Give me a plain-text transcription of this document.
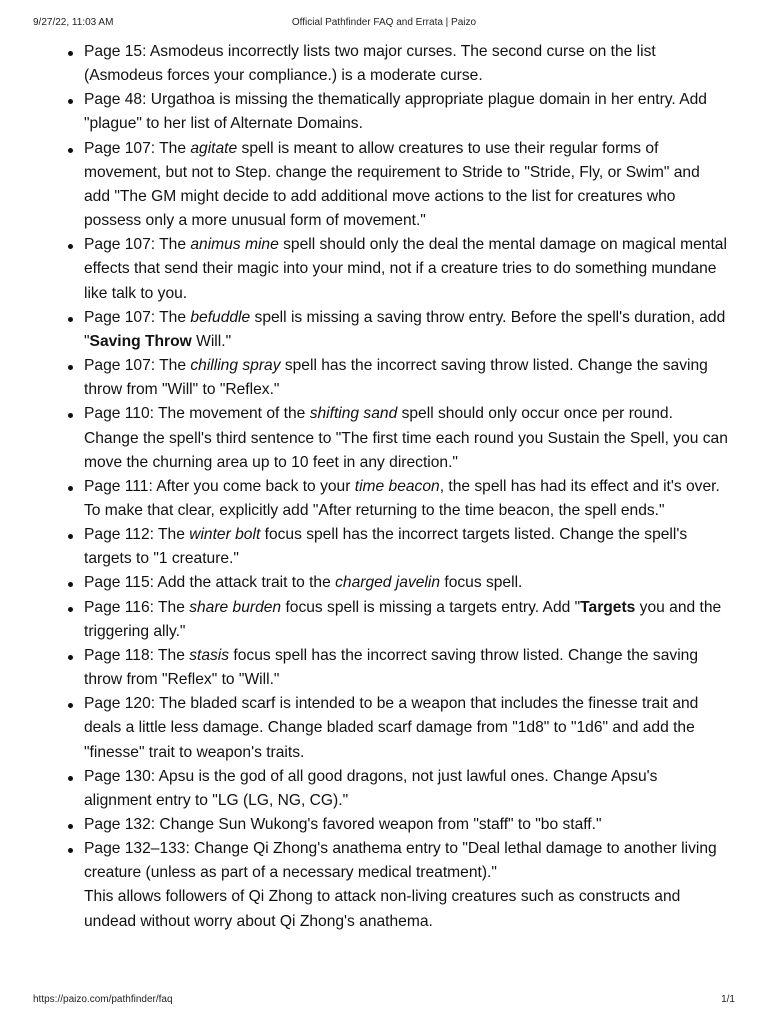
9/27/22, 11:03 AM	Official Pathfinder FAQ and Errata | Paizo
Page 15: Asmodeus incorrectly lists two major curses. The second curse on the list (Asmodeus forces your compliance.) is a moderate curse.
Page 48: Urgathoa is missing the thematically appropriate plague domain in her entry. Add "plague" to her list of Alternate Domains.
Page 107: The agitate spell is meant to allow creatures to use their regular forms of movement, but not to Step. change the requirement to Stride to "Stride, Fly, or Swim" and add "The GM might decide to add additional move actions to the list for creatures who possess only a more unusual form of movement."
Page 107: The animus mine spell should only the deal the mental damage on magical mental effects that send their magic into your mind, not if a creature tries to do something mundane like talk to you.
Page 107: The befuddle spell is missing a saving throw entry. Before the spell's duration, add "Saving Throw Will."
Page 107: The chilling spray spell has the incorrect saving throw listed. Change the saving throw from "Will" to "Reflex."
Page 110: The movement of the shifting sand spell should only occur once per round. Change the spell's third sentence to "The first time each round you Sustain the Spell, you can move the churning area up to 10 feet in any direction."
Page 111: After you come back to your time beacon, the spell has had its effect and it's over. To make that clear, explicitly add "After returning to the time beacon, the spell ends."
Page 112: The winter bolt focus spell has the incorrect targets listed. Change the spell's targets to "1 creature."
Page 115: Add the attack trait to the charged javelin focus spell.
Page 116: The share burden focus spell is missing a targets entry. Add "Targets you and the triggering ally."
Page 118: The stasis focus spell has the incorrect saving throw listed. Change the saving throw from "Reflex" to "Will."
Page 120: The bladed scarf is intended to be a weapon that includes the finesse trait and deals a little less damage. Change bladed scarf damage from "1d8" to "1d6" and add the "finesse" trait to weapon's traits.
Page 130: Apsu is the god of all good dragons, not just lawful ones. Change Apsu's alignment entry to "LG (LG, NG, CG)."
Page 132: Change Sun Wukong's favored weapon from "staff" to "bo staff."
Page 132–133: Change Qi Zhong's anathema entry to "Deal lethal damage to another living creature (unless as part of a necessary medical treatment)."
This allows followers of Qi Zhong to attack non-living creatures such as constructs and undead without worry about Qi Zhong's anathema.
https://paizo.com/pathfinder/faq	1/1
